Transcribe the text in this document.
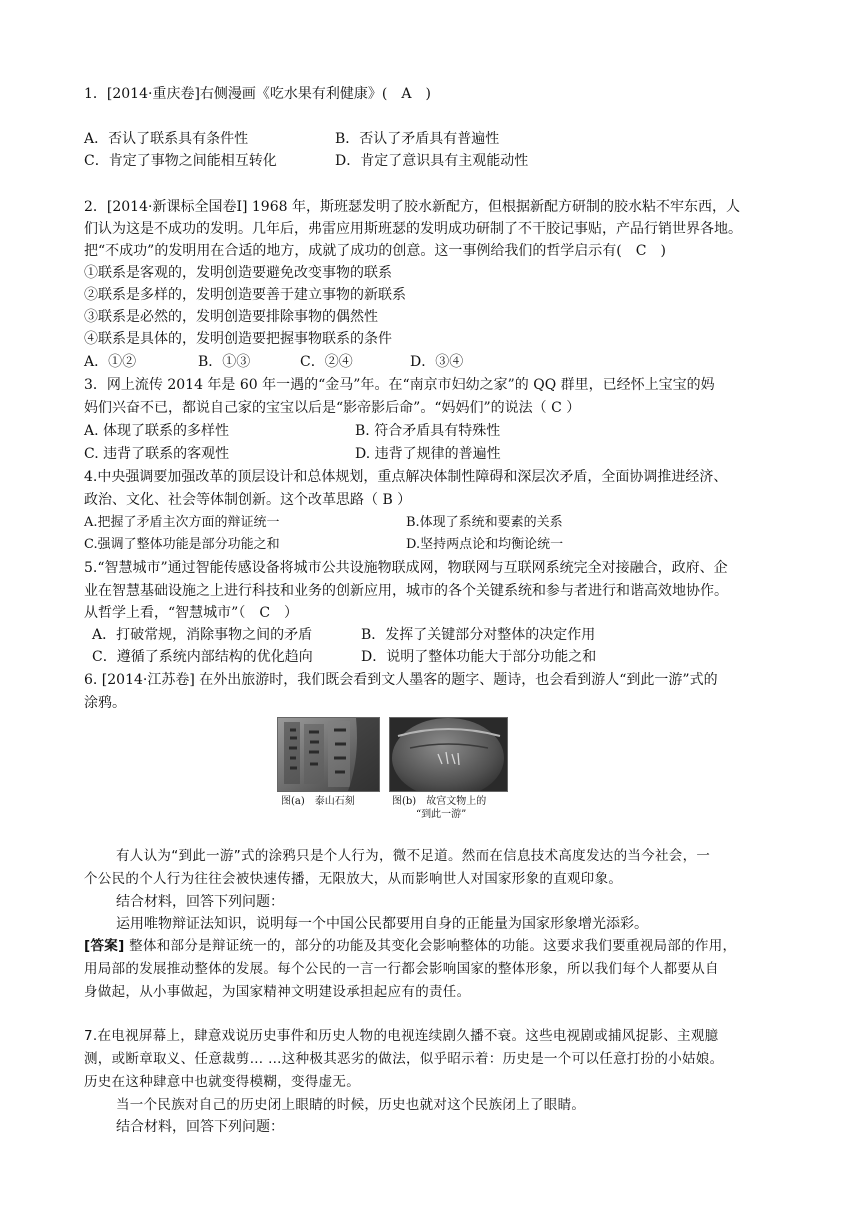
1．[2014·重庆卷]右侧漫画《吃水果有利健康》(　A　)
A．否认了联系具有条件性	B．否认了矛盾具有普遍性
C．肯定了事物之间能相互转化	D．肯定了意识具有主观能动性
2．[2014·新课标全国卷Ⅰ] 1968 年，斯班瑟发明了胶水新配方，但根据新配方研制的胶水粘不牢东西，人
们认为这是不成功的发明。几年后，弗雷应用斯班瑟的发明成功研制了不干胶记事贴，产品行销世界各地。
把“不成功”的发明用在合适的地方，成就了成功的创意。这一事例给我们的哲学启示有(　C　)
①联系是客观的，发明创造要避免改变事物的联系
②联系是多样的，发明创造要善于建立事物的新联系
③联系是必然的，发明创造要排除事物的偶然性
④联系是具体的，发明创造要把握事物联系的条件
A．①②	B．①③	C．②④	D．③④
3．网上流传 2014 年是 60 年一遇的“金马”年。在“南京市妇幼之家”的 QQ 群里，已经怀上宝宝的妈
妈们兴奋不已，都说自己家的宝宝以后是“影帝影后命”。“妈妈们”的说法（ C ）
A. 体现了联系的多样性	B. 符合矛盾具有特殊性
C. 违背了联系的客观性	D. 违背了规律的普遍性
4.中央强调要加强改革的顶层设计和总体规划，重点解决体制性障碍和深层次矛盾，全面协调推进经济、
政治、文化、社会等体制创新。这个改革思路（ B ）
A.把握了矛盾主次方面的辩证统一	B.体现了系统和要素的关系
C.强调了整体功能是部分功能之和	D.坚持两点论和均衡论统一
5.“智慧城市”通过智能传感设备将城市公共设施物联成网，物联网与互联网系统完全对接融合，政府、企
业在智慧基础设施之上进行科技和业务的创新应用，城市的各个关键系统和参与者进行和谐高效地协作。
从哲学上看，“智慧城市”（　C　）
A．打破常规，消除事物之间的矛盾	B．发挥了关键部分对整体的决定作用
C．遵循了系统内部结构的优化趋向	D．说明了整体功能大于部分功能之和
6. [2014·江苏卷] 在外出旅游时，我们既会看到文人墨客的题字、题诗，也会看到游人“到此一游”式的
涂鸦。
图(a)　泰山石刻	图(b)　故宫文物上的
“到此一游”
有人认为“到此一游”式的涂鸦只是个人行为，微不足道。然而在信息技术高度发达的当今社会，一
个公民的个人行为往往会被快速传播，无限放大，从而影响世人对国家形象的直观印象。
结合材料，回答下列问题：
运用唯物辩证法知识，说明每一个中国公民都要用自身的正能量为国家形象增光添彩。
[答案] 整体和部分是辩证统一的，部分的功能及其变化会影响整体的功能。这要求我们要重视局部的作用，
用局部的发展推动整体的发展。每个公民的一言一行都会影响国家的整体形象，所以我们每个人都要从自
身做起，从小事做起，为国家精神文明建设承担起应有的责任。
7.在电视屏幕上，肆意戏说历史事件和历史人物的电视连续剧久播不衰。这些电视剧或捕风捉影、主观臆
测，或断章取义、任意裁剪… …这种极其恶劣的做法，似乎昭示着：历史是一个可以任意打扮的小姑娘。
历史在这种肆意中也就变得模糊，变得虚无。
当一个民族对自己的历史闭上眼睛的时候，历史也就对这个民族闭上了眼睛。
结合材料，回答下列问题：
